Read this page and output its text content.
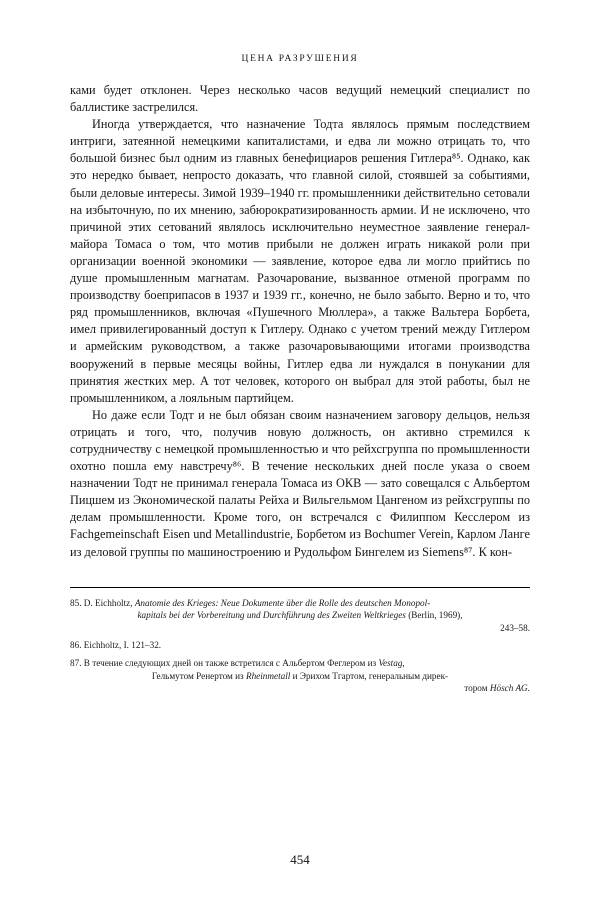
ЦЕНА РАЗРУШЕНИЯ

ками будет отклонен. Через несколько часов ведущий немецкий специалист по баллистике застрелился.

Иногда утверждается, что назначение Тодта являлось прямым последствием интриги, затеянной немецкими капиталистами, и едва ли можно отрицать то, что большой бизнес был одним из главных бенефициаров решения Гитлера⁸⁵. Однако, как это нередко бывает, непросто доказать, что главной силой, стоявшей за событиями, были деловые интересы. Зимой 1939–1940 гг. промышленники действительно сетовали на избыточную, по их мнению, забюрократизированность армии. И не исключено, что причиной этих сетований являлось исключительно неуместное заявление генерал-майора Томаса о том, что мотив прибыли не должен играть никакой роли при организации военной экономики — заявление, которое едва ли могло прийтись по душе промышленным магнатам. Разочарование, вызванное отменой программ по производству боеприпасов в 1937 и 1939 гг., конечно, не было забыто. Верно и то, что ряд промышленников, включая «Пушечного Мюллера», а также Вальтера Борбета, имел привилегированный доступ к Гитлеру. Однако с учетом трений между Гитлером и армейским руководством, а также разочаровывающими итогами производства вооружений в первые месяцы войны, Гитлер едва ли нуждался в понукании для принятия жестких мер. А тот человек, которого он выбрал для этой работы, был не промышленником, а лояльным партийцем.

Но даже если Тодт и не был обязан своим назначением заговору дельцов, нельзя отрицать и того, что, получив новую должность, он активно стремился к сотрудничеству с немецкой промышленностью и что рейхсгруппа по промышленности охотно пошла ему навстречу⁸⁶. В течение нескольких дней после указа о своем назначении Тодт не принимал генерала Томаса из ОКВ — зато совещался с Альбертом Пицшем из Экономической палаты Рейха и Вильгельмом Цангеном из рейхсгруппы по делам промышленности. Кроме того, он встречался с Филиппом Кесслером из Fachgemeinschaft Eisen und Metallindustrie, Борбетом из Bochumer Verein, Карлом Ланге из деловой группы по машиностроению и Рудольфом Бингелем из Siemens⁸⁷. К кон-

85. D. Eichholtz, Anatomie des Krieges: Neue Dokumente über die Rolle des deutschen Monopol-
kapitals bei der Vorbereitung und Durchführung des Zweiten Weltkrieges (Berlin, 1969),
243–58.

86. Eichholtz, I. 121–32.

87. В течение следующих дней он также встретился с Альбертом Феглером из Vestag,
Гельмутом Ренертом из Rheinmetall и Эрихом Тгартом, генеральным дирек-
тором Hösch AG.

454
